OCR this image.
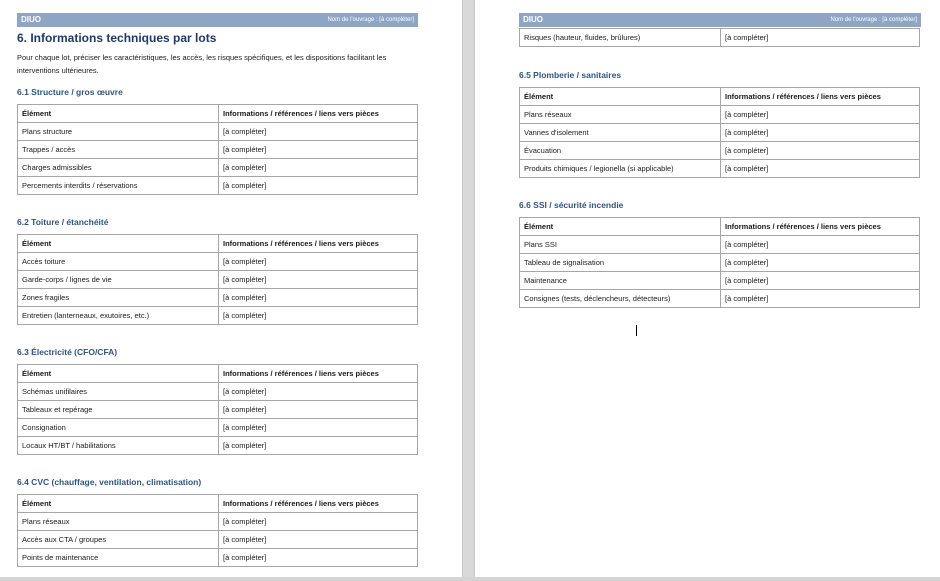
DIUO	Nom de l'ouvrage : [à compléter]
6. Informations techniques par lots

Pour chaque lot, préciser les caractéristiques, les accès, les risques spécifiques, et les dispositions facilitant les interventions ultérieures.

6.1 Structure / gros œuvre
Élément	Informations / références / liens vers pièces
Plans structure	[à compléter]
Trappes / accès	[à compléter]
Charges admissibles	[à compléter]
Percements interdits / réservations	[à compléter]
6.2 Toiture / étanchéité
Élément	Informations / références / liens vers pièces
Accès toiture	[à compléter]
Garde-corps / lignes de vie	[à compléter]
Zones fragiles	[à compléter]
Entretien (lanterneaux, exutoires, etc.)	[à compléter]
6.3 Électricité (CFO/CFA)
Élément	Informations / références / liens vers pièces
Schémas unifilaires	[à compléter]
Tableaux et repérage	[à compléter]
Consignation	[à compléter]
Locaux HT/BT / habilitations	[à compléter]
6.4 CVC (chauffage, ventilation, climatisation)
Élément	Informations / références / liens vers pièces
Plans réseaux	[à compléter]
Accès aux CTA / groupes	[à compléter]
Points de maintenance	[à compléter]
DIUO	Nom de l'ouvrage : [à compléter]
Risques (hauteur, fluides, brûlures)	[à compléter]
6.5 Plomberie / sanitaires
Élément	Informations / références / liens vers pièces
Plans réseaux	[à compléter]
Vannes d'isolement	[à compléter]
Évacuation	[à compléter]
Produits chimiques / legionella (si applicable)	[à compléter]
6.6 SSI / sécurité incendie
Élément	Informations / références / liens vers pièces
Plans SSI	[à compléter]
Tableau de signalisation	[à compléter]
Maintenance	[à compléter]
Consignes (tests, déclencheurs, détecteurs)	[à compléter]
